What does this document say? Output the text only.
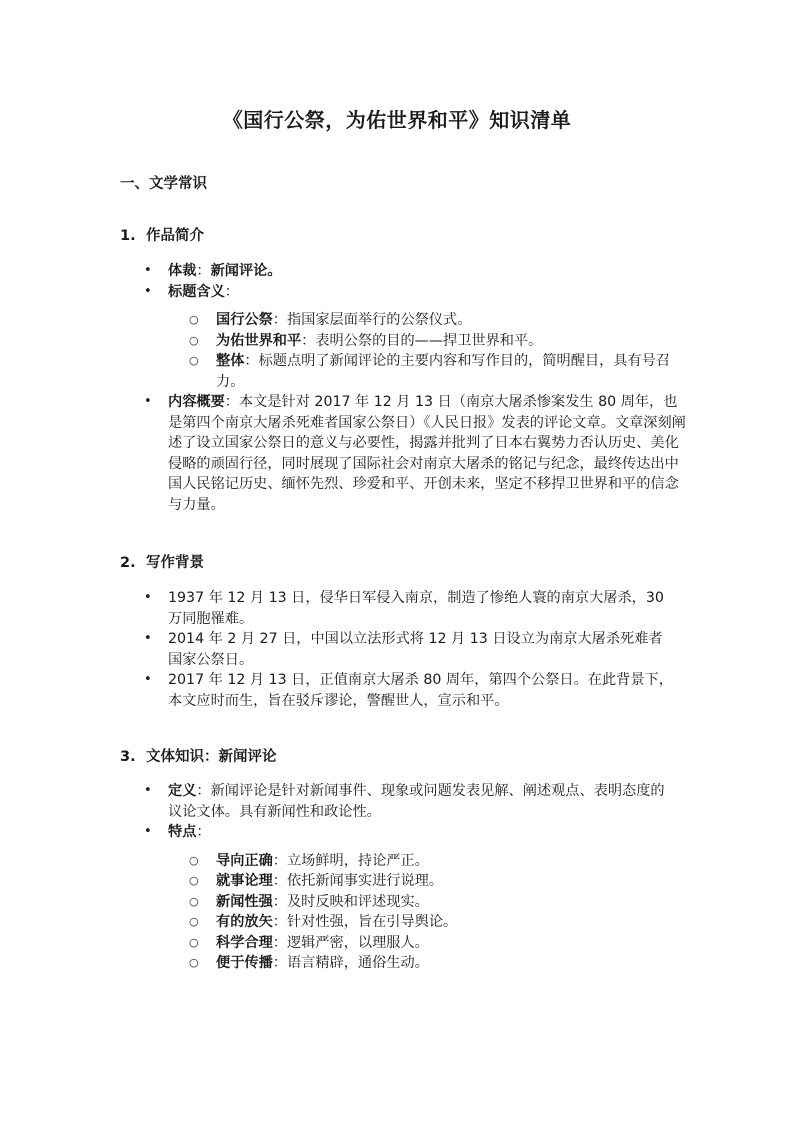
《国行公祭，为佑世界和平》知识清单
一、文学常识
1. 作品简介
• 体裁：新闻评论。
• 标题含义：
○ 国行公祭：指国家层面举行的公祭仪式。
○ 为佑世界和平：表明公祭的目的——捍卫世界和平。
○ 整体：标题点明了新闻评论的主要内容和写作目的，简明醒目，具有号召力。
• 内容概要：本文是针对 2017 年 12 月 13 日（南京大屠杀惨案发生 80 周年，也是第四个南京大屠杀死难者国家公祭日）《人民日报》发表的评论文章。文章深刻阐述了设立国家公祭日的意义与必要性，揭露并批判了日本右翼势力否认历史、美化侵略的顽固行径，同时展现了国际社会对南京大屠杀的铭记与纪念，最终传达出中国人民铭记历史、缅怀先烈、珍爱和平、开创未来，坚定不移捍卫世界和平的信念与力量。
2. 写作背景
• 1937 年 12 月 13 日，侵华日军侵入南京，制造了惨绝人寰的南京大屠杀，30 万同胞罹难。
• 2014 年 2 月 27 日，中国以立法形式将 12 月 13 日设立为南京大屠杀死难者国家公祭日。
• 2017 年 12 月 13 日，正值南京大屠杀 80 周年，第四个公祭日。在此背景下，本文应时而生，旨在驳斥谬论，警醒世人，宣示和平。
3. 文体知识：新闻评论
• 定义：新闻评论是针对新闻事件、现象或问题发表见解、阐述观点、表明态度的议论文体。具有新闻性和政论性。
• 特点：
○ 导向正确：立场鲜明，持论严正。
○ 就事论理：依托新闻事实进行说理。
○ 新闻性强：及时反映和评述现实。
○ 有的放矢：针对性强，旨在引导舆论。
○ 科学合理：逻辑严密，以理服人。
○ 便于传播：语言精辟，通俗生动。
